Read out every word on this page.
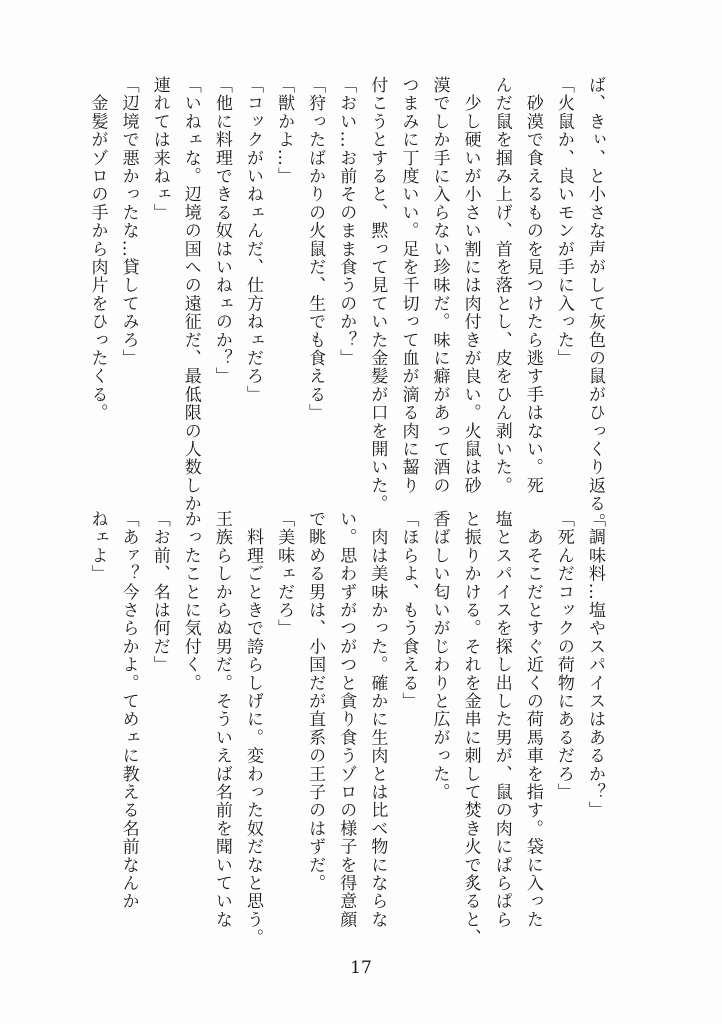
ば、きぃ、と小さな声がして灰色の鼠がひっくり返る。
「火鼠か、良いモンが手に入った」
　砂漠で食えるものを見つけたら逃す手はない。死
んだ鼠を掴み上げ、首を落とし、皮をひん剥いた。
　少し硬いが小さい割には肉付きが良い。火鼠は砂
漠でしか手に入らない珍味だ。味に癖があって酒の
つまみに丁度いい。足を千切って血が滴る肉に齧り
付こうとすると、黙って見ていた金髪が口を開いた。
「おい…お前そのまま食うのか？」
「狩ったばかりの火鼠だ、生でも食える」
「獣かよ…」
「コックがいねェんだ、仕方ねェだろ」
「他に料理できる奴はいねェのか？」
「いねェな。辺境の国への遠征だ、最低限の人数しか
連れては来ねェ」
「辺境で悪かったな…貸してみろ」
　金髪がゾロの手から肉片をひったくる。
「調味料…塩やスパイスはあるか？」
「死んだコックの荷物にあるだろ」
　あそこだとすぐ近くの荷馬車を指す。袋に入った
塩とスパイスを探し出した男が、鼠の肉にぱらぱら
と振りかける。それを金串に刺して焚き火で炙ると、
香ばしい匂いがじわりと広がった。
「ほらよ、もう食える」
　肉は美味かった。確かに生肉とは比べ物にならな
い。思わずがつがつと貪り食うゾロの様子を得意顔
で眺める男は、小国だが直系の王子のはずだ。
「美味ェだろ」
　料理ごときで誇らしげに。変わった奴だなと思う。
王族らしからぬ男だ。そういえば名前を聞いていな
かったことに気付く。
「お前、名は何だ」
「あァ？今さらかよ。てめェに教える名前なんか
ねェよ」
17
